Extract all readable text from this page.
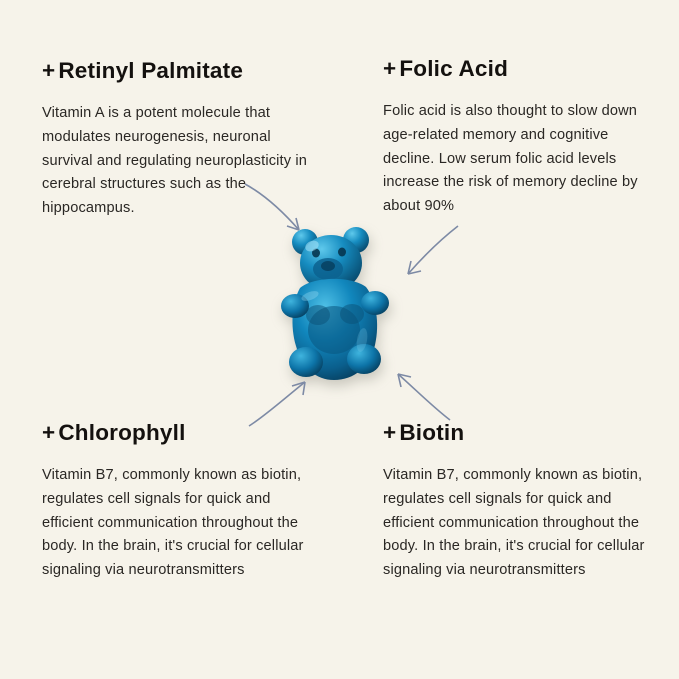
+ Retinyl Palmitate

Vitamin A is a potent molecule that modulates neurogenesis, neuronal survival and regulating neuroplasticity in cerebral structures such as the hippocampus.

+ Folic Acid

Folic acid is also thought to slow down age-related memory and cognitive decline. Low serum folic acid levels increase the risk of memory decline by about 90%

+ Chlorophyll

Vitamin B7, commonly known as biotin, regulates cell signals for quick and efficient communication throughout the body. In the brain, it's crucial for cellular signaling via neurotransmitters

+ Biotin

Vitamin B7, commonly known as biotin, regulates cell signals for quick and efficient communication throughout the body. In the brain, it's crucial for cellular signaling via neurotransmitters
